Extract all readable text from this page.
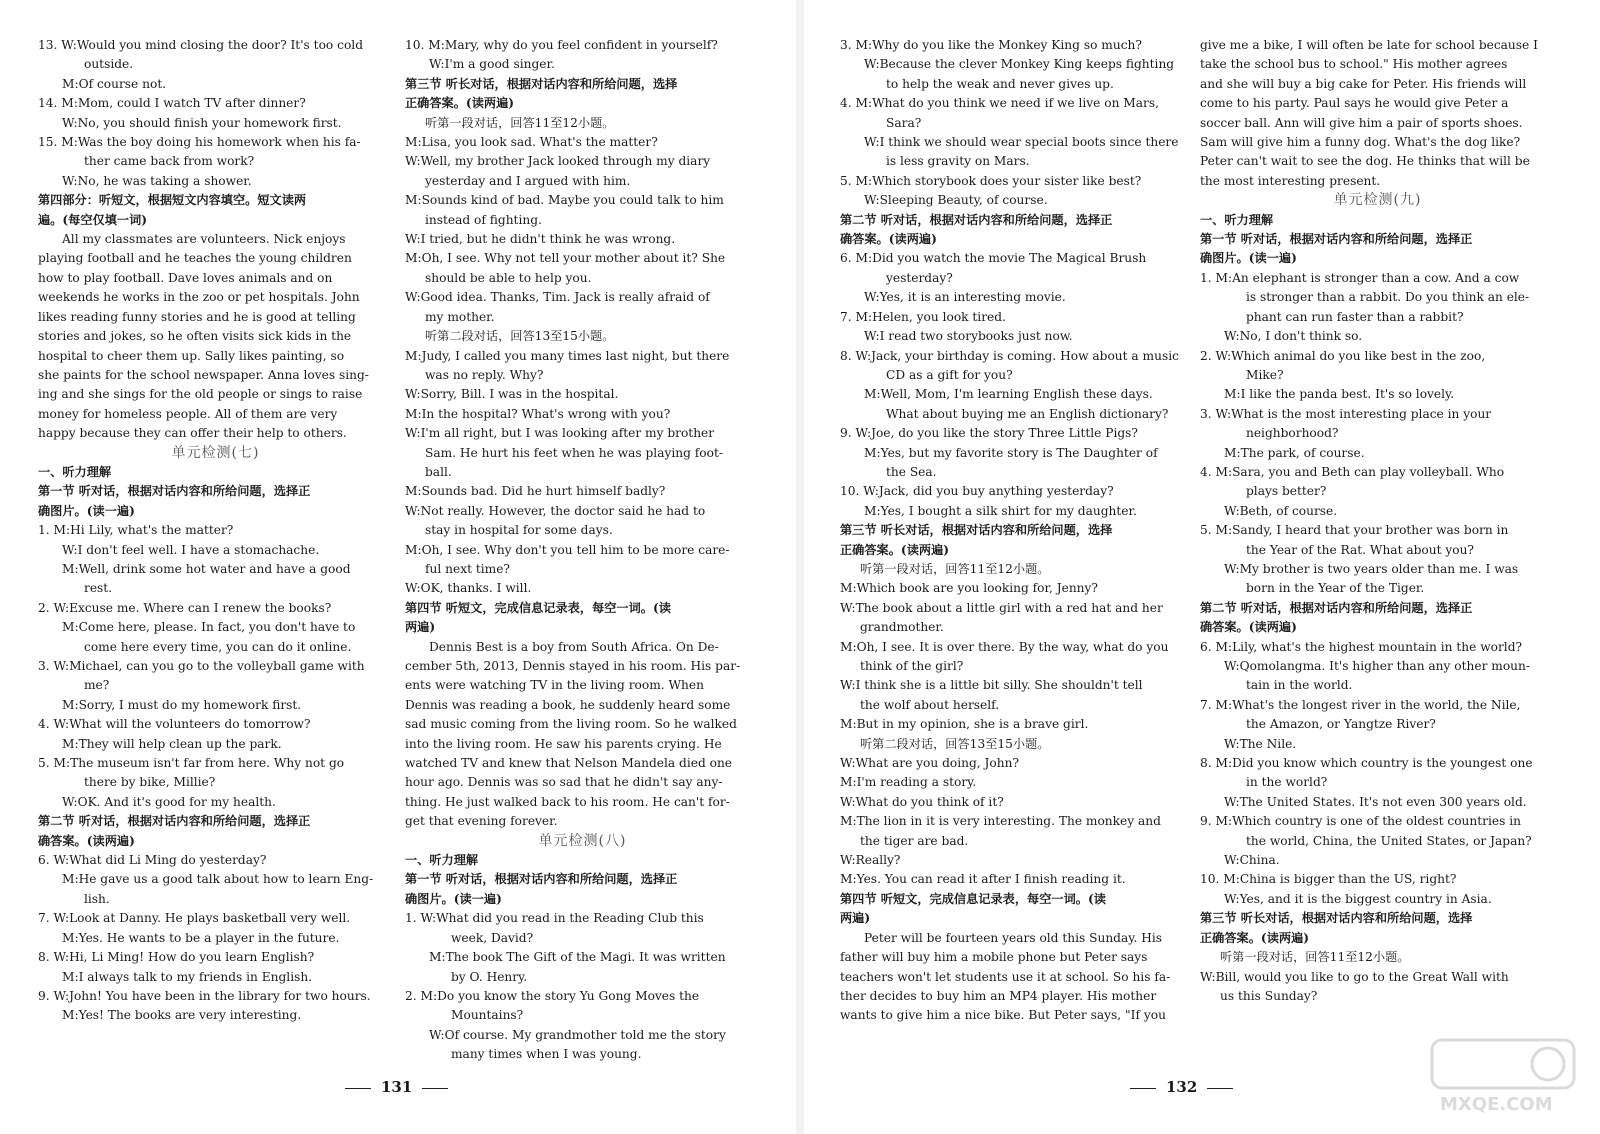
13. W:Would you mind closing the door? It's too cold
outside.
M:Of course not.
14. M:Mom, could I watch TV after dinner?
W:No, you should finish your homework first.
15. M:Was the boy doing his homework when his fa-
ther came back from work?
W:No, he was taking a shower.
第四部分：听短文，根据短文内容填空。短文读两
遍。(每空仅填一词)
All my classmates are volunteers. Nick enjoys
playing football and he teaches the young children
how to play football. Dave loves animals and on
weekends he works in the zoo or pet hospitals. John
likes reading funny stories and he is good at telling
stories and jokes, so he often visits sick kids in the
hospital to cheer them up. Sally likes painting, so
she paints for the school newspaper. Anna loves sing-
ing and she sings for the old people or sings to raise
money for homeless people. All of them are very
happy because they can offer their help to others.
单元检测(七)
一、听力理解
第一节 听对话，根据对话内容和所给问题，选择正
确图片。(读一遍)
1. M:Hi Lily, what's the matter?
W:I don't feel well. I have a stomachache.
M:Well, drink some hot water and have a good
rest.
2. W:Excuse me. Where can I renew the books?
M:Come here, please. In fact, you don't have to
come here every time, you can do it online.
3. W:Michael, can you go to the volleyball game with
me?
M:Sorry, I must do my homework first.
4. W:What will the volunteers do tomorrow?
M:They will help clean up the park.
5. M:The museum isn't far from here. Why not go
there by bike, Millie?
W:OK. And it's good for my health.
第二节 听对话，根据对话内容和所给问题，选择正
确答案。(读两遍)
6. W:What did Li Ming do yesterday?
M:He gave us a good talk about how to learn Eng-
lish.
7. W:Look at Danny. He plays basketball very well.
M:Yes. He wants to be a player in the future.
8. W:Hi, Li Ming! How do you learn English?
M:I always talk to my friends in English.
9. W:John! You have been in the library for two hours.
M:Yes! The books are very interesting.
10. M:Mary, why do you feel confident in yourself?
W:I'm a good singer.
第三节 听长对话，根据对话内容和所给问题，选择
正确答案。(读两遍)
听第一段对话，回答11至12小题。
M:Lisa, you look sad. What's the matter?
W:Well, my brother Jack looked through my diary
yesterday and I argued with him.
M:Sounds kind of bad. Maybe you could talk to him
instead of fighting.
W:I tried, but he didn't think he was wrong.
M:Oh, I see. Why not tell your mother about it? She
should be able to help you.
W:Good idea. Thanks, Tim. Jack is really afraid of
my mother.
听第二段对话，回答13至15小题。
M:Judy, I called you many times last night, but there
was no reply. Why?
W:Sorry, Bill. I was in the hospital.
M:In the hospital? What's wrong with you?
W:I'm all right, but I was looking after my brother
Sam. He hurt his feet when he was playing foot-
ball.
M:Sounds bad. Did he hurt himself badly?
W:Not really. However, the doctor said he had to
stay in hospital for some days.
M:Oh, I see. Why don't you tell him to be more care-
ful next time?
W:OK, thanks. I will.
第四节 听短文，完成信息记录表，每空一词。(读
两遍)
Dennis Best is a boy from South Africa. On De-
cember 5th, 2013, Dennis stayed in his room. His par-
ents were watching TV in the living room. When
Dennis was reading a book, he suddenly heard some
sad music coming from the living room. So he walked
into the living room. He saw his parents crying. He
watched TV and knew that Nelson Mandela died one
hour ago. Dennis was so sad that he didn't say any-
thing. He just walked back to his room. He can't for-
get that evening forever.
单元检测(八)
一、听力理解
第一节 听对话，根据对话内容和所给问题，选择正
确图片。(读一遍)
1. W:What did you read in the Reading Club this
week, David?
M:The book The Gift of the Magi. It was written
by O. Henry.
2. M:Do you know the story Yu Gong Moves the
Mountains?
W:Of course. My grandmother told me the story
many times when I was young.
131
3. M:Why do you like the Monkey King so much?
W:Because the clever Monkey King keeps fighting
to help the weak and never gives up.
4. M:What do you think we need if we live on Mars,
Sara?
W:I think we should wear special boots since there
is less gravity on Mars.
5. M:Which storybook does your sister like best?
W:Sleeping Beauty, of course.
第二节 听对话，根据对话内容和所给问题，选择正
确答案。(读两遍)
6. M:Did you watch the movie The Magical Brush
yesterday?
W:Yes, it is an interesting movie.
7. M:Helen, you look tired.
W:I read two storybooks just now.
8. W:Jack, your birthday is coming. How about a music
CD as a gift for you?
M:Well, Mom, I'm learning English these days.
What about buying me an English dictionary?
9. W:Joe, do you like the story Three Little Pigs?
M:Yes, but my favorite story is The Daughter of
the Sea.
10. W:Jack, did you buy anything yesterday?
M:Yes, I bought a silk shirt for my daughter.
第三节 听长对话，根据对话内容和所给问题，选择
正确答案。(读两遍)
听第一段对话，回答11至12小题。
M:Which book are you looking for, Jenny?
W:The book about a little girl with a red hat and her
grandmother.
M:Oh, I see. It is over there. By the way, what do you
think of the girl?
W:I think she is a little bit silly. She shouldn't tell
the wolf about herself.
M:But in my opinion, she is a brave girl.
听第二段对话，回答13至15小题。
W:What are you doing, John?
M:I'm reading a story.
W:What do you think of it?
M:The lion in it is very interesting. The monkey and
the tiger are bad.
W:Really?
M:Yes. You can read it after I finish reading it.
第四节 听短文，完成信息记录表，每空一词。(读
两遍)
Peter will be fourteen years old this Sunday. His
father will buy him a mobile phone but Peter says
teachers won't let students use it at school. So his fa-
ther decides to buy him an MP4 player. His mother
wants to give him a nice bike. But Peter says, "If you
give me a bike, I will often be late for school because I
take the school bus to school." His mother agrees
and she will buy a big cake for Peter. His friends will
come to his party. Paul says he would give Peter a
soccer ball. Ann will give him a pair of sports shoes.
Sam will give him a funny dog. What's the dog like?
Peter can't wait to see the dog. He thinks that will be
the most interesting present.
单元检测(九)
一、听力理解
第一节 听对话，根据对话内容和所给问题，选择正
确图片。(读一遍)
1. M:An elephant is stronger than a cow. And a cow
is stronger than a rabbit. Do you think an ele-
phant can run faster than a rabbit?
W:No, I don't think so.
2. W:Which animal do you like best in the zoo,
Mike?
M:I like the panda best. It's so lovely.
3. W:What is the most interesting place in your
neighborhood?
M:The park, of course.
4. M:Sara, you and Beth can play volleyball. Who
plays better?
W:Beth, of course.
5. M:Sandy, I heard that your brother was born in
the Year of the Rat. What about you?
W:My brother is two years older than me. I was
born in the Year of the Tiger.
第二节 听对话，根据对话内容和所给问题，选择正
确答案。(读两遍)
6. M:Lily, what's the highest mountain in the world?
W:Qomolangma. It's higher than any other moun-
tain in the world.
7. M:What's the longest river in the world, the Nile,
the Amazon, or Yangtze River?
W:The Nile.
8. M:Did you know which country is the youngest one
in the world?
W:The United States. It's not even 300 years old.
9. M:Which country is one of the oldest countries in
the world, China, the United States, or Japan?
W:China.
10. M:China is bigger than the US, right?
W:Yes, and it is the biggest country in Asia.
第三节 听长对话，根据对话内容和所给问题，选择
正确答案。(读两遍)
听第一段对话，回答11至12小题。
W:Bill, would you like to go to the Great Wall with
us this Sunday?
132
MXQE.COM
